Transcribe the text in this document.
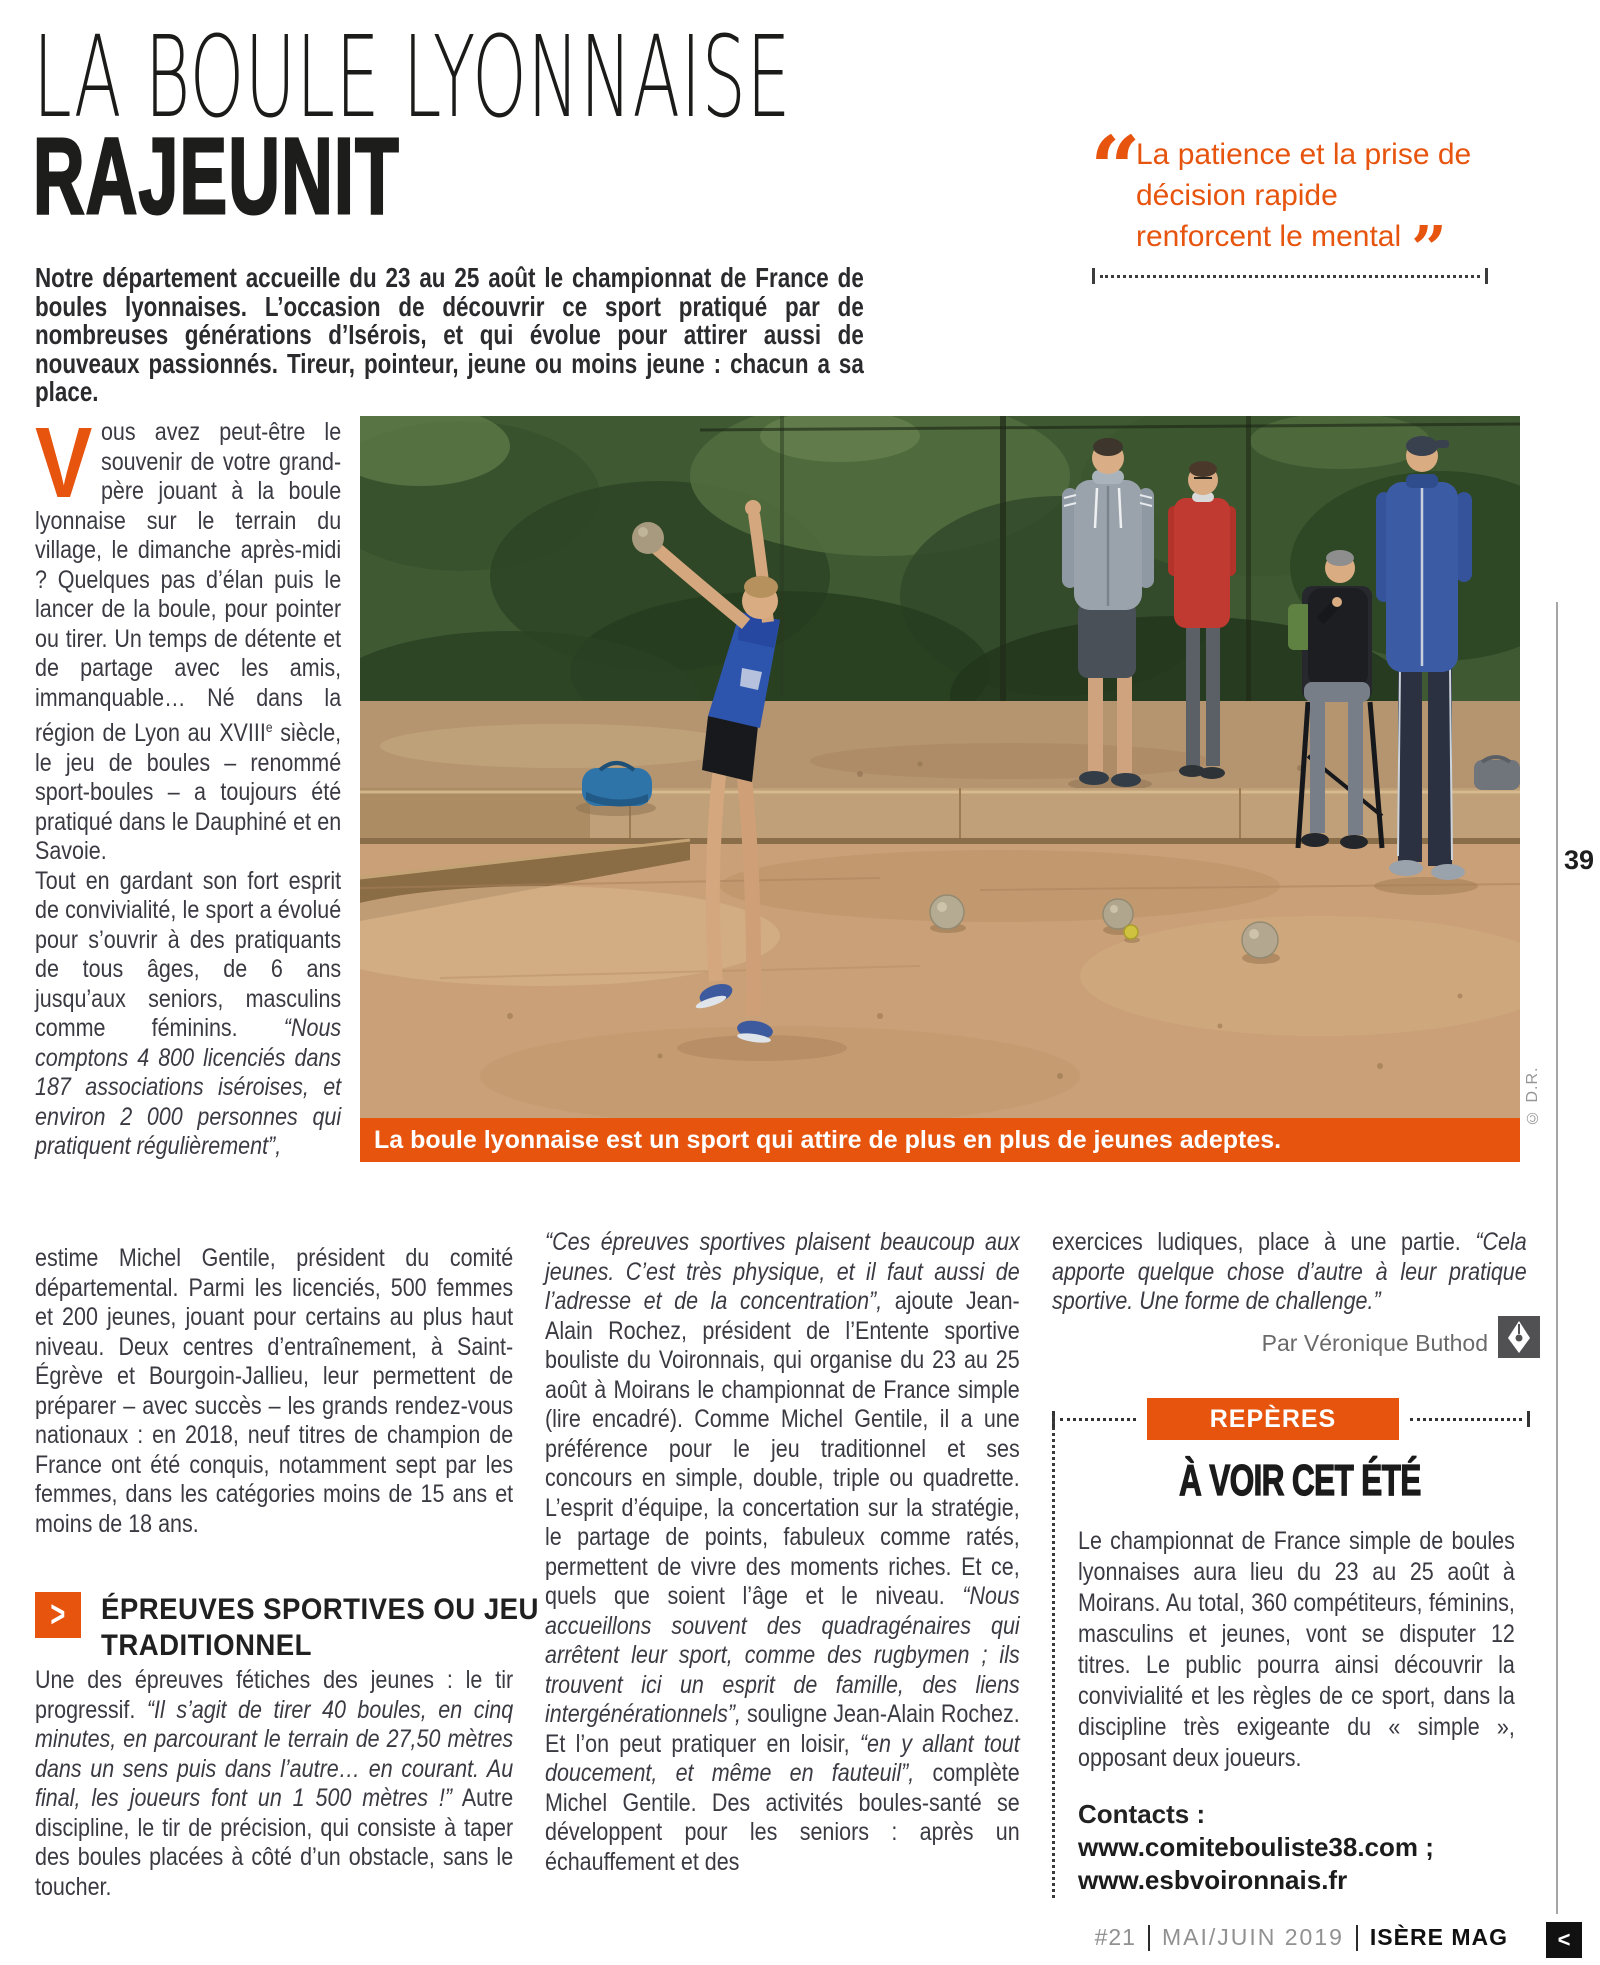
LA BOULE LYONNAISE
RAJEUNIT

Notre département accueille du 23 au 25 août le championnat de France de boules lyonnaises. L’occasion de découvrir ce sport pratiqué par de nombreuses générations d’Isérois, et qui évolue pour attirer aussi de nouveaux passionnés. Tireur, pointeur, jeune ou moins jeune : chacun a sa place.

“
La patience et la prise de décision rapide renforcent le mental ”
La boule lyonnaise est un sport qui attire de plus en plus de jeunes adeptes.
© D.R.
39

Vous avez peut-être le souvenir de votre grand-père jouant à la boule lyonnaise sur le terrain du village, le dimanche après-midi ? Quelques pas d’élan puis le lancer de la boule, pour pointer ou tirer. Un temps de détente et de partage avec les amis, immanquable… Né dans la région de Lyon au XVIIIe siècle, le jeu de boules – renommé sport-boules – a toujours été pratiqué dans le Dauphiné et en Savoie.

Tout en gardant son fort esprit de convivialité, le sport a évolué pour s’ouvrir à des pratiquants de tous âges, de 6 ans jusqu’aux seniors, masculins comme féminins. “Nous comptons 4 800 licenciés dans 187 associations iséroises, et environ 2 000 personnes qui pratiquent régulièrement”,

estime Michel Gentile, président du comité départemental. Parmi les licenciés, 500 femmes et 200 jeunes, jouant pour certains au plus haut niveau. Deux centres d’entraînement, à Saint-Égrève et Bourgoin-Jallieu, leur permettent de préparer – avec succès – les grands rendez-vous nationaux : en 2018, neuf titres de champion de France ont été conquis, notamment sept par les femmes, dans les catégories moins de 15 ans et moins de 18 ans.
> ÉPREUVES SPORTIVES OU JEU
TRADITIONNEL
Une des épreuves fétiches des jeunes : le tir progressif. “Il s’agit de tirer 40 boules, en cinq minutes, en parcourant le terrain de 27,50 mètres dans un sens puis dans l’autre… en courant. Au final, les joueurs font un 1 500 mètres !” Autre discipline, le tir de précision, qui consiste à taper des boules placées à côté d’un obstacle, sans le toucher.
“Ces épreuves sportives plaisent beaucoup aux jeunes. C’est très physique, et il faut aussi de l’adresse et de la concentration”, ajoute Jean-Alain Rochez, président de l’Entente sportive bouliste du Voironnais, qui organise du 23 au 25 août à Moirans le championnat de France simple (lire encadré). Comme Michel Gentile, il a une préférence pour le jeu traditionnel et ses concours en simple, double, triple ou quadrette. L’esprit d’équipe, la concertation sur la stratégie, le partage de points, fabuleux comme ratés, permettent de vivre des moments riches. Et ce, quels que soient l’âge et le niveau. “Nous accueillons souvent des quadragénaires qui arrêtent leur sport, comme des rugbymen ; ils trouvent ici un esprit de famille, des liens intergénérationnels”, souligne Jean-Alain Rochez. Et l’on peut pratiquer en loisir, “en y allant tout doucement, et même en fauteuil”, complète Michel Gentile. Des activités boules-santé se développent pour les seniors : après un échauffement et des
exercices ludiques, place à une partie. “Cela apporte quelque chose d’autre à leur pratique sportive. Une forme de challenge.”
Par Véronique Buthod
REPÈRES
À VOIR CET ÉTÉ
Le championnat de France simple de boules lyonnaises aura lieu du 23 au 25 août à Moirans. Au total, 360 compétiteurs, féminins, masculins et jeunes, vont se disputer 12 titres. Le public pourra ainsi découvrir la convivialité et les règles de ce sport, dans la discipline très exigeante du « simple », opposant deux joueurs.
Contacts :
www.comitebouliste38.com ;
www.esbvoironnais.fr
#21 MAI/JUIN 2019 ISÈRE MAG	<
